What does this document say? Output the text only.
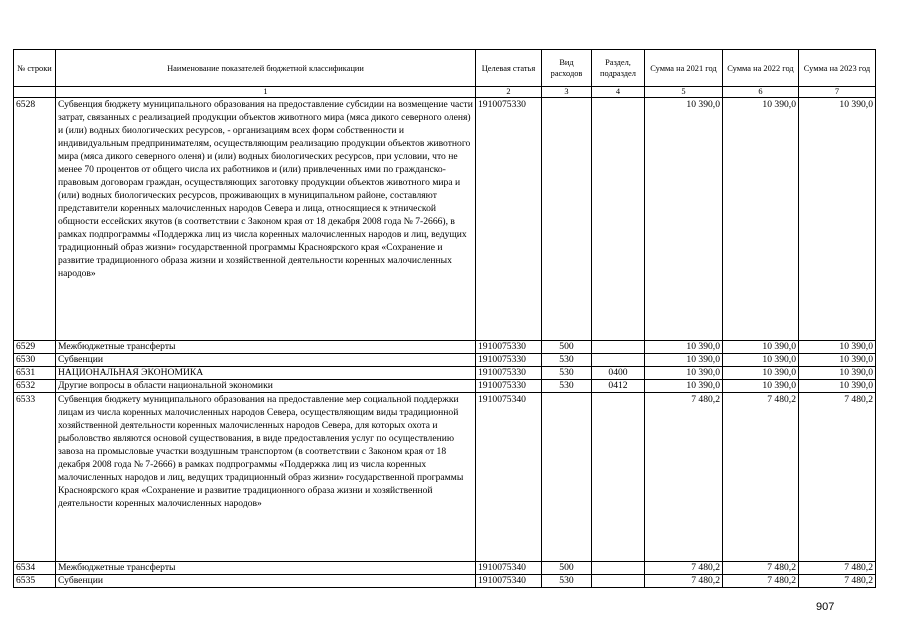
№ строки	Наименование показателей бюджетной классификации	Целевая статья	Вид расходов	Раздел, подраздел	Сумма на 2021 год	Сумма на 2022 год	Сумма на 2023 год
	1	2	3	4	5	6	7
6528	Субвенция бюджету муниципального образования на предоставление субсидии на возмещение части затрат, связанных с реализацией продукции объектов животного мира (мяса дикого северного оленя) и (или) водных биологических ресурсов, - организациям всех форм собственности и индивидуальным предпринимателям, осуществляющим реализацию продукции объектов животного мира (мяса дикого северного оленя) и (или) водных биологических ресурсов, при условии, что не менее 70 процентов от общего числа их работников и (или) привлеченных ими по гражданско-правовым договорам граждан, осуществляющих заготовку продукции объектов животного мира и (или) водных биологических ресурсов, проживающих в муниципальном районе, составляют представители коренных малочисленных народов Севера и лица, относящиеся к этнической общности ессейских якутов (в соответствии с Законом края от 18 декабря 2008 года № 7-2666), в рамках подпрограммы «Поддержка лиц из числа коренных малочисленных народов и лиц, ведущих традиционный образ жизни» государственной программы Красноярского края «Сохранение и развитие традиционного образа жизни и хозяйственной деятельности коренных малочисленных народов»	1910075330			10 390,0	10 390,0	10 390,0
6529	Межбюджетные трансферты	1910075330	500		10 390,0	10 390,0	10 390,0
6530	Субвенции	1910075330	530		10 390,0	10 390,0	10 390,0
6531	НАЦИОНАЛЬНАЯ ЭКОНОМИКА	1910075330	530	0400	10 390,0	10 390,0	10 390,0
6532	Другие вопросы в области национальной экономики	1910075330	530	0412	10 390,0	10 390,0	10 390,0
6533	Субвенция бюджету муниципального образования на предоставление мер социальной поддержки лицам из числа коренных малочисленных народов Севера, осуществляющим виды традиционной хозяйственной деятельности коренных малочисленных народов Севера, для которых охота и рыболовство являются основой существования, в виде предоставления услуг по осуществлению завоза на промысловые участки воздушным транспортом (в соответствии с Законом края от 18 декабря 2008 года № 7-2666) в рамках подпрограммы «Поддержка лиц из числа коренных малочисленных народов и лиц, ведущих традиционный образ жизни» государственной программы Красноярского края «Сохранение и развитие традиционного образа жизни и хозяйственной деятельности коренных малочисленных народов»	1910075340			7 480,2	7 480,2	7 480,2
6534	Межбюджетные трансферты	1910075340	500		7 480,2	7 480,2	7 480,2
6535	Субвенции	1910075340	530		7 480,2	7 480,2	7 480,2
907
